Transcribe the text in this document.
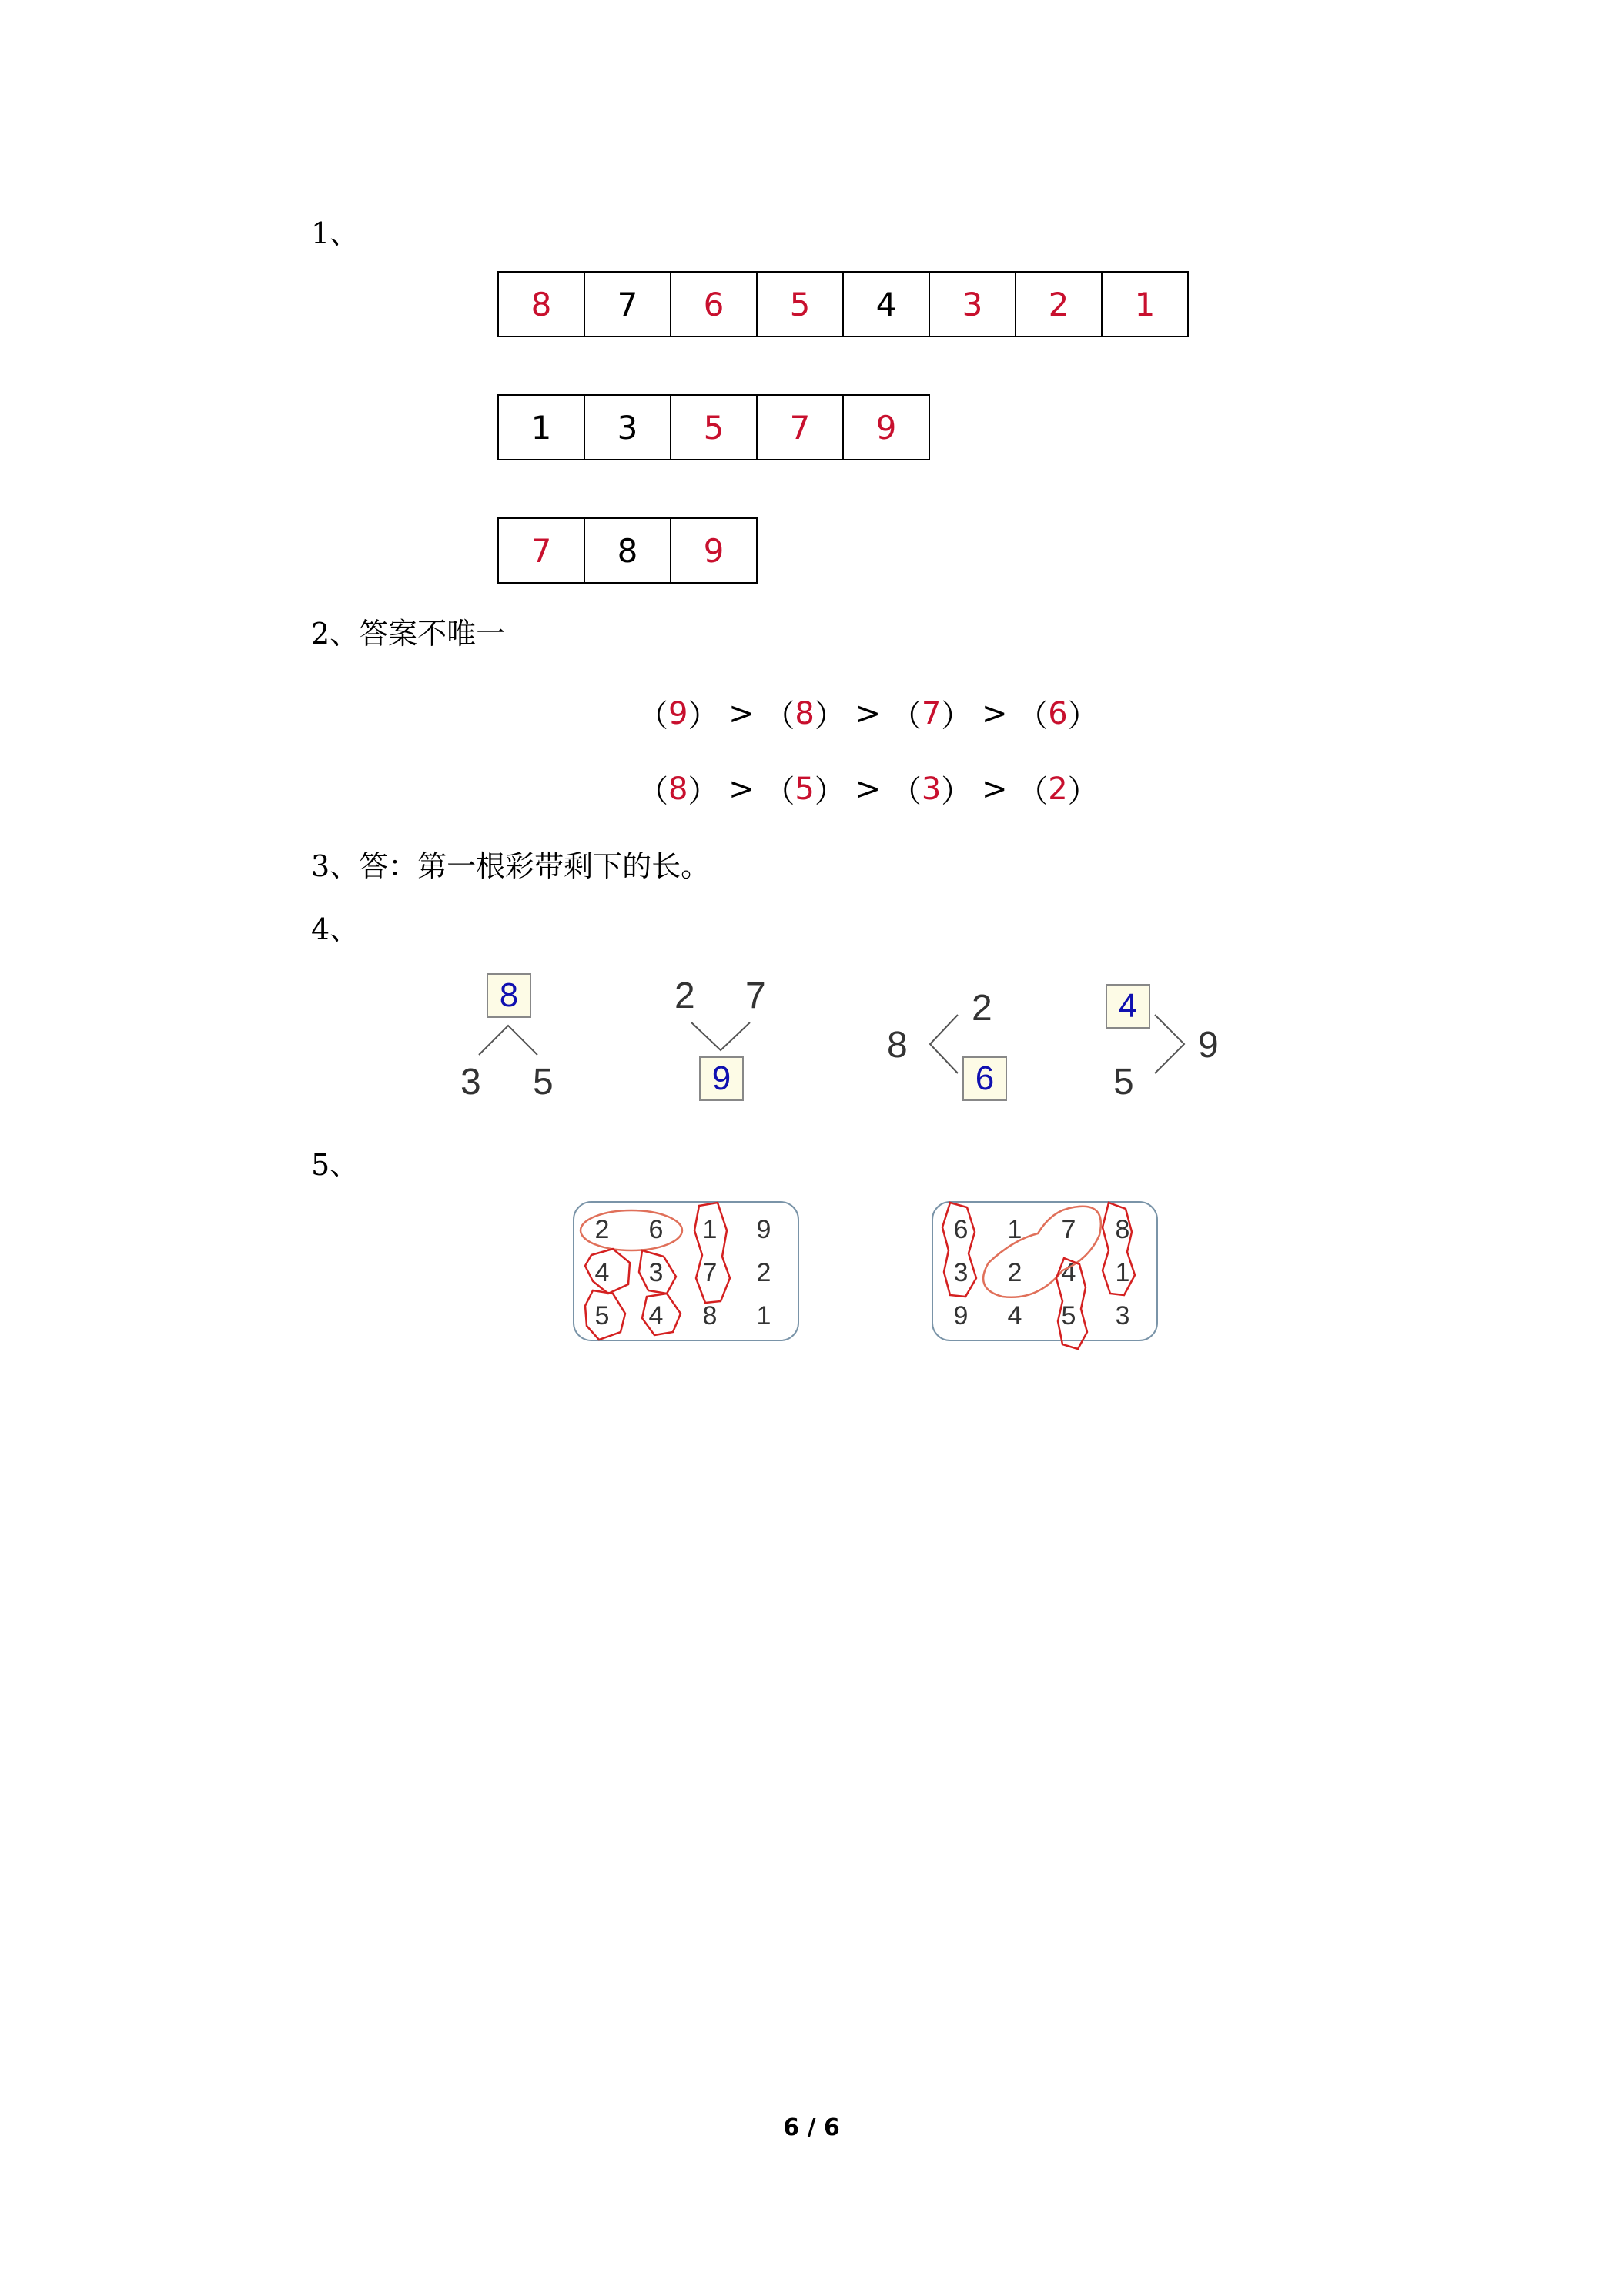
1、
8	7	6	5	4	3	2	1
1	3	5	7	9
7	8	9
2、答案不唯一
（ 9 ） > （ 8 ） > （ 7 ） > （ 6 ）
（ 8 ） > （ 5 ） > （ 3 ） > （ 2 ）
3、答：第一根彩带剩下的长。
4、
8
3 5
2 7
9
8
2
6
4
5
9
5、
2	6	1	9
4	3	7	2
5	4	8	1
6	1	7	8
3	2	4	1
9	4	5	3
6 / 6
